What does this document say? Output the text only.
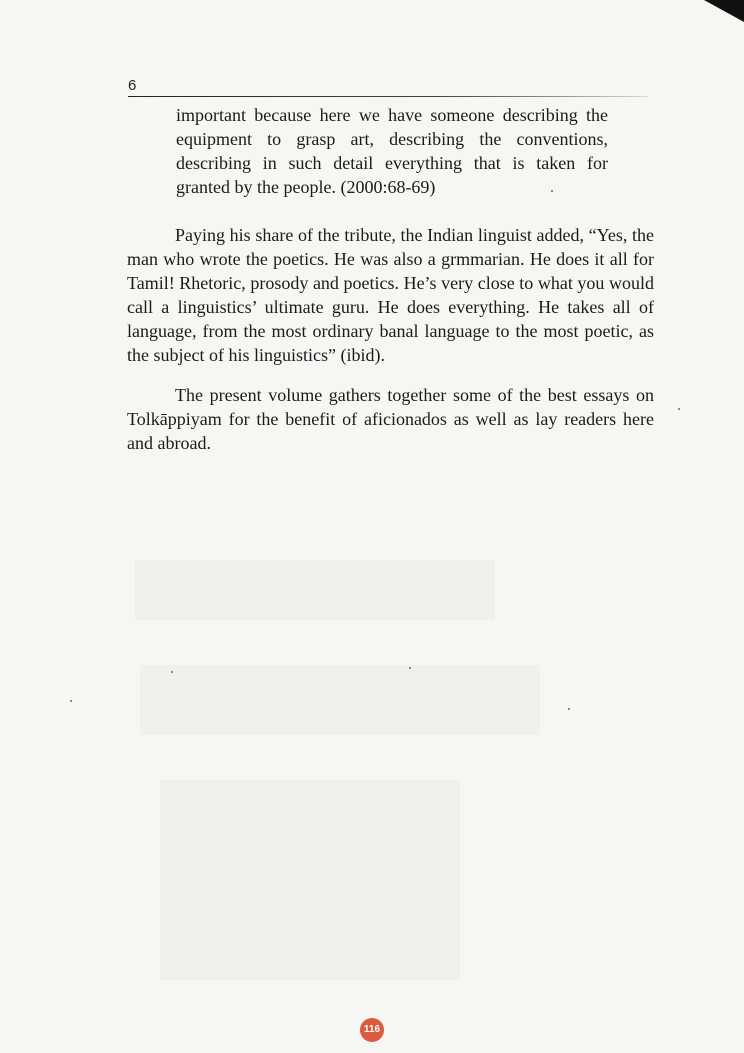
6
important because here we have someone describing the equipment to grasp art, describing the conventions, describing in such detail everything that is taken for granted by the people. (2000:68-69)

Paying his share of the tribute, the Indian linguist added, “Yes, the man who wrote the poetics. He was also a grmmarian. He does it all for Tamil! Rhetoric, prosody and poetics. He’s very close to what you would call a linguistics’ ultimate guru. He does everything. He takes all of language, from the most ordinary banal language to the most poetic, as the subject of his linguistics” (ibid).

The present volume gathers together some of the best essays on Tolkāppiyam for the benefit of aficionados as well as lay readers here and abroad.

116
